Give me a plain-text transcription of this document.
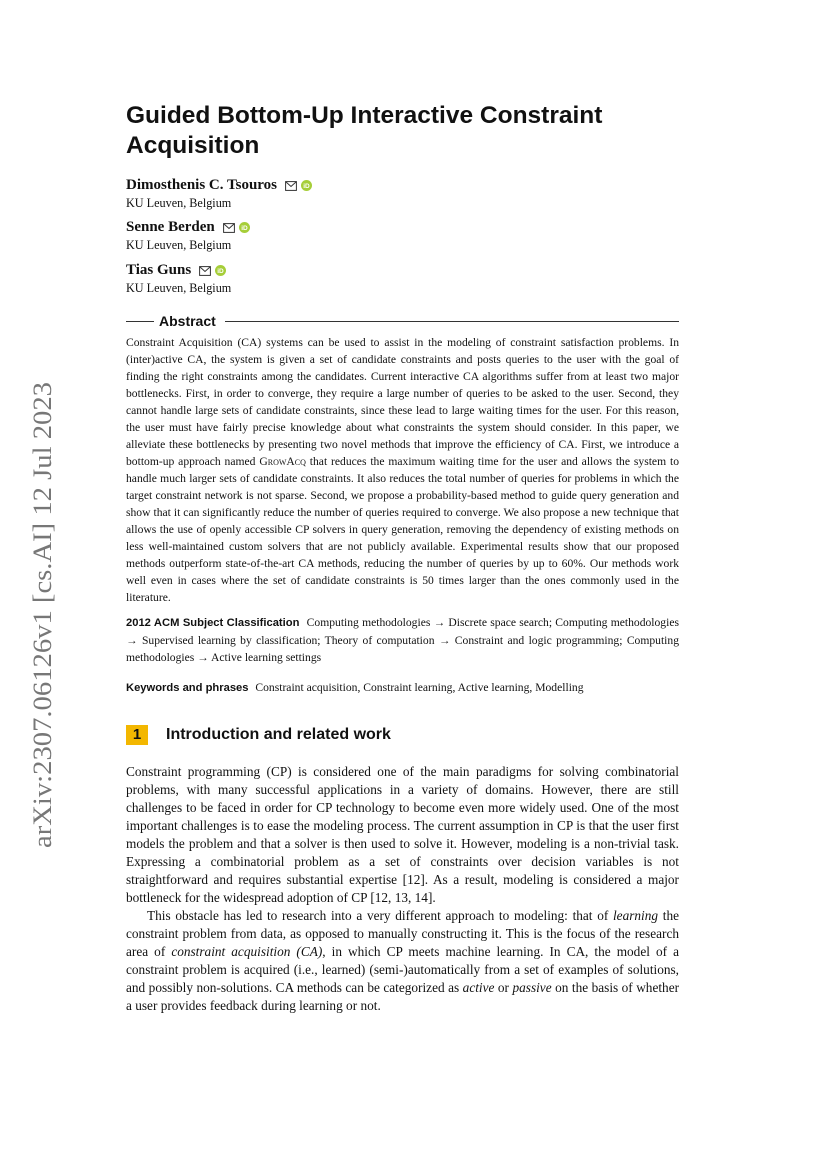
arXiv:2307.06126v1 [cs.AI] 12 Jul 2023
Guided Bottom-Up Interactive Constraint Acquisition
Dimosthenis C. Tsouros	iD
KU Leuven, Belgium
Senne Berden	iD
KU Leuven, Belgium
Tias Guns	iD
KU Leuven, Belgium
Abstract
Constraint Acquisition (CA) systems can be used to assist in the modeling of constraint satisfaction problems. In (inter)active CA, the system is given a set of candidate constraints and posts queries to the user with the goal of finding the right constraints among the candidates. Current interactive CA algorithms suffer from at least two major bottlenecks. First, in order to converge, they require a large number of queries to be asked to the user. Second, they cannot handle large sets of candidate constraints, since these lead to large waiting times for the user. For this reason, the user must have fairly precise knowledge about what constraints the system should consider. In this paper, we alleviate these bottlenecks by presenting two novel methods that improve the efficiency of CA. First, we introduce a bottom-up approach named GrowAcq that reduces the maximum waiting time for the user and allows the system to handle much larger sets of candidate constraints. It also reduces the total number of queries for problems in which the target constraint network is not sparse. Second, we propose a probability-based method to guide query generation and show that it can significantly reduce the number of queries required to converge. We also propose a new technique that allows the use of openly accessible CP solvers in query generation, removing the dependency of existing methods on less well-maintained custom solvers that are not publicly available. Experimental results show that our proposed methods outperform state-of-the-art CA methods, reducing the number of queries by up to 60%. Our methods work well even in cases where the set of candidate constraints is 50 times larger than the ones commonly used in the literature.
2012 ACM Subject Classification Computing methodologies → Discrete space search; Computing methodologies → Supervised learning by classification; Theory of computation → Constraint and logic programming; Computing methodologies → Active learning settings
Keywords and phrases Constraint acquisition, Constraint learning, Active learning, Modelling
1 Introduction and related work

Constraint programming (CP) is considered one of the main paradigms for solving combinatorial problems, with many successful applications in a variety of domains. However, there are still challenges to be faced in order for CP technology to become even more widely used. One of the most important challenges is to ease the modeling process. The current assumption in CP is that the user first models the problem and that a solver is then used to solve it. However, modeling is a non-trivial task. Expressing a combinatorial problem as a set of constraints over decision variables is not straightforward and requires substantial expertise [12]. As a result, modeling is considered a major bottleneck for the widespread adoption of CP [12, 13, 14].

This obstacle has led to research into a very different approach to modeling: that of learning the constraint problem from data, as opposed to manually constructing it. This is the focus of the research area of constraint acquisition (CA), in which CP meets machine learning. In CA, the model of a constraint problem is acquired (i.e., learned) (semi-)automatically from a set of examples of solutions, and possibly non-solutions. CA methods can be categorized as active or passive on the basis of whether a user provides feedback during learning or not.
